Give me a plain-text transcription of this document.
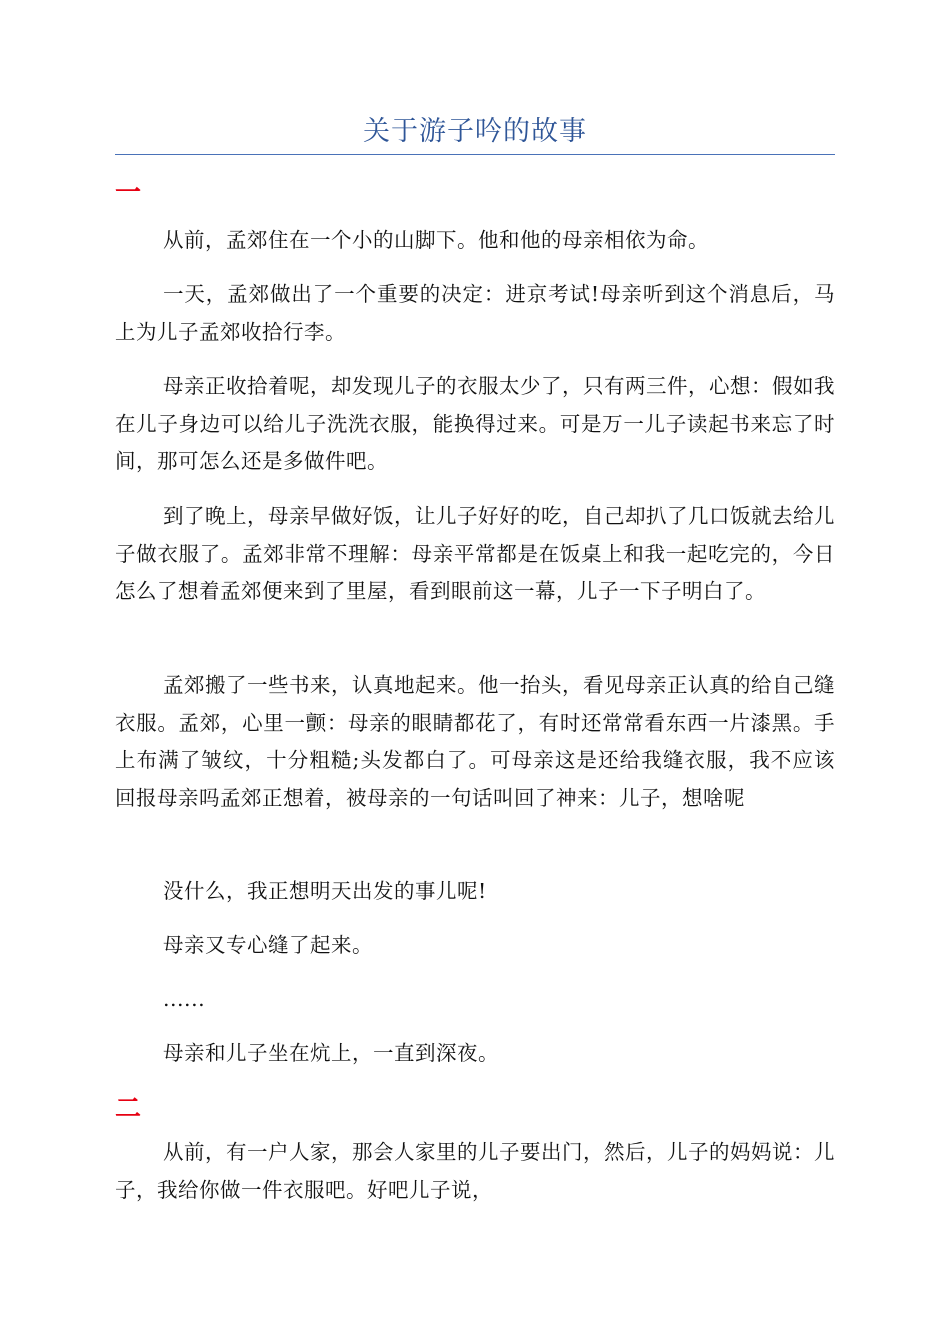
关于游子吟的故事
一

从前，孟郊住在一个小的山脚下。他和他的母亲相依为命。

一天，孟郊做出了一个重要的决定：进京考试!母亲听到这个消息后，马上为儿子孟郊收拾行李。

母亲正收拾着呢，却发现儿子的衣服太少了，只有两三件，心想：假如我在儿子身边可以给儿子洗洗衣服，能换得过来。可是万一儿子读起书来忘了时间，那可怎么还是多做件吧。

到了晚上，母亲早做好饭，让儿子好好的吃，自己却扒了几口饭就去给儿子做衣服了。孟郊非常不理解：母亲平常都是在饭桌上和我一起吃完的，今日怎么了想着孟郊便来到了里屋，看到眼前这一幕，儿子一下子明白了。

孟郊搬了一些书来，认真地起来。他一抬头，看见母亲正认真的给自己缝衣服。孟郊，心里一颤：母亲的眼睛都花了，有时还常常看东西一片漆黑。手上布满了皱纹，十分粗糙;头发都白了。可母亲这是还给我缝衣服，我不应该回报母亲吗孟郊正想着，被母亲的一句话叫回了神来：儿子，想啥呢

没什么，我正想明天出发的事儿呢!

母亲又专心缝了起来。

......

母亲和儿子坐在炕上，一直到深夜。

二

从前，有一户人家，那会人家里的儿子要出门，然后，儿子的妈妈说：儿子，我给你做一件衣服吧。好吧儿子说，
